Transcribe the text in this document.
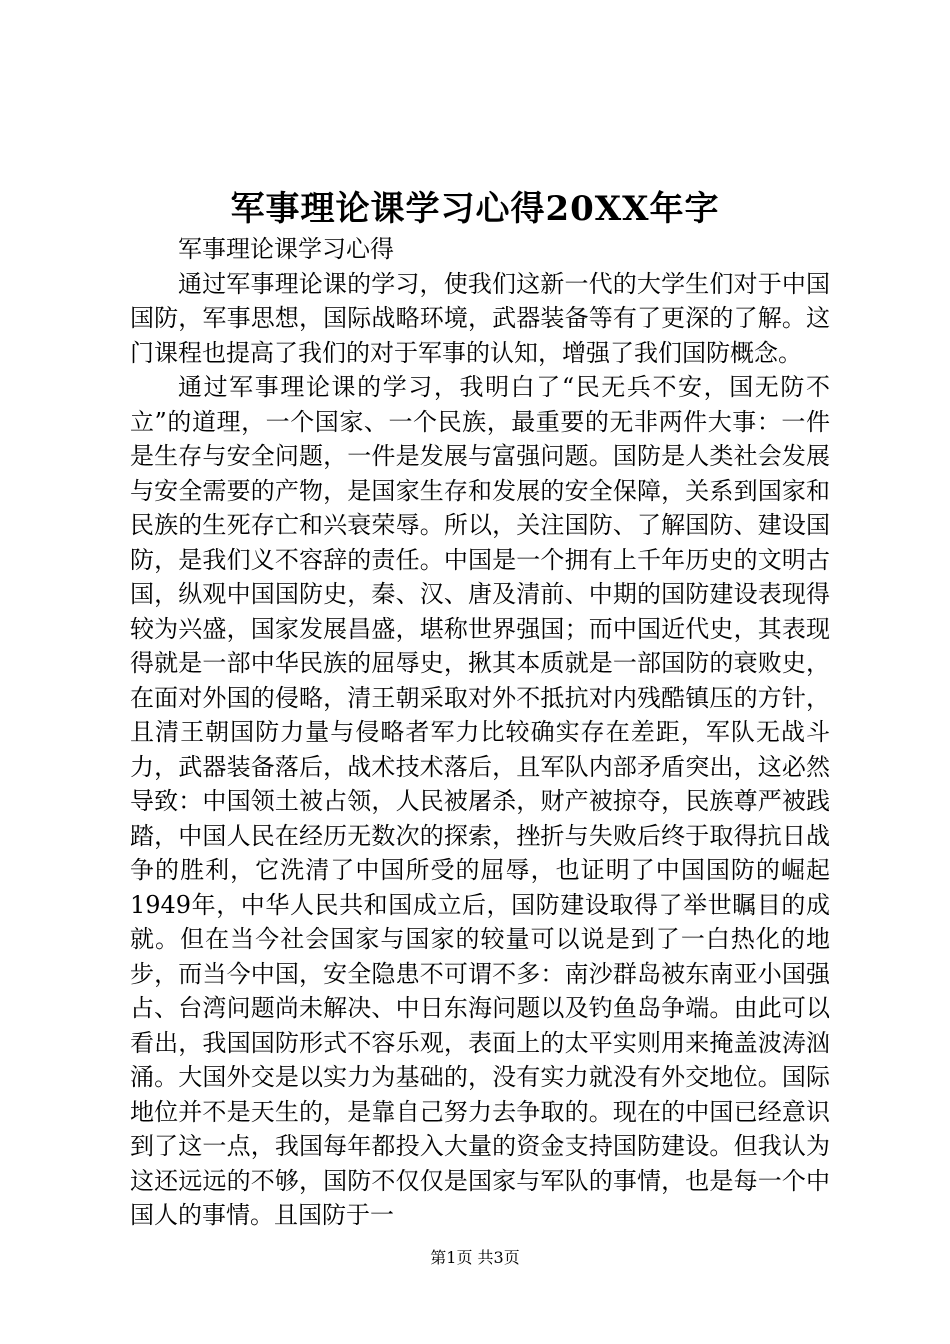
军事理论课学习心得20XX年字

军事理论课学习心得

通过军事理论课的学习，使我们这新一代的大学生们对于中国国防，军事思想，国际战略环境，武器装备等有了更深的了解。这门课程也提高了我们的对于军事的认知，增强了我们国防概念。

通过军事理论课的学习，我明白了“民无兵不安，国无防不立”的道理，一个国家、一个民族，最重要的无非两件大事：一件是生存与安全问题，一件是发展与富强问题。国防是人类社会发展与安全需要的产物，是国家生存和发展的安全保障，关系到国家和民族的生死存亡和兴衰荣辱。所以，关注国防、了解国防、建设国防，是我们义不容辞的责任。中国是一个拥有上千年历史的文明古国，纵观中国国防史，秦、汉、唐及清前、中期的国防建设表现得较为兴盛，国家发展昌盛，堪称世界强国；而中国近代史，其表现得就是一部中华民族的屈辱史，揪其本质就是一部国防的衰败史，在面对外国的侵略，清王朝采取对外不抵抗对内残酷镇压的方针，且清王朝国防力量与侵略者军力比较确实存在差距，军队无战斗力，武器装备落后，战术技术落后，且军队内部矛盾突出，这必然导致：中国领土被占领，人民被屠杀，财产被掠夺，民族尊严被践踏，中国人民在经历无数次的探索，挫折与失败后终于取得抗日战争的胜利，它洗清了中国所受的屈辱，也证明了中国国防的崛起1949年，中华人民共和国成立后，国防建设取得了举世瞩目的成就。但在当今社会国家与国家的较量可以说是到了一白热化的地步，而当今中国，安全隐患不可谓不多：南沙群岛被东南亚小国强占、台湾问题尚未解决、中日东海问题以及钓鱼岛争端。由此可以看出，我国国防形式不容乐观，表面上的太平实则用来掩盖波涛汹涌。大国外交是以实力为基础的，没有实力就没有外交地位。国际地位并不是天生的，是靠自己努力去争取的。现在的中国已经意识到了这一点，我国每年都投入大量的资金支持国防建设。但我认为这还远远的不够，国防不仅仅是国家与军队的事情，也是每一个中国人的事情。且国防于一

第1页 共3页
